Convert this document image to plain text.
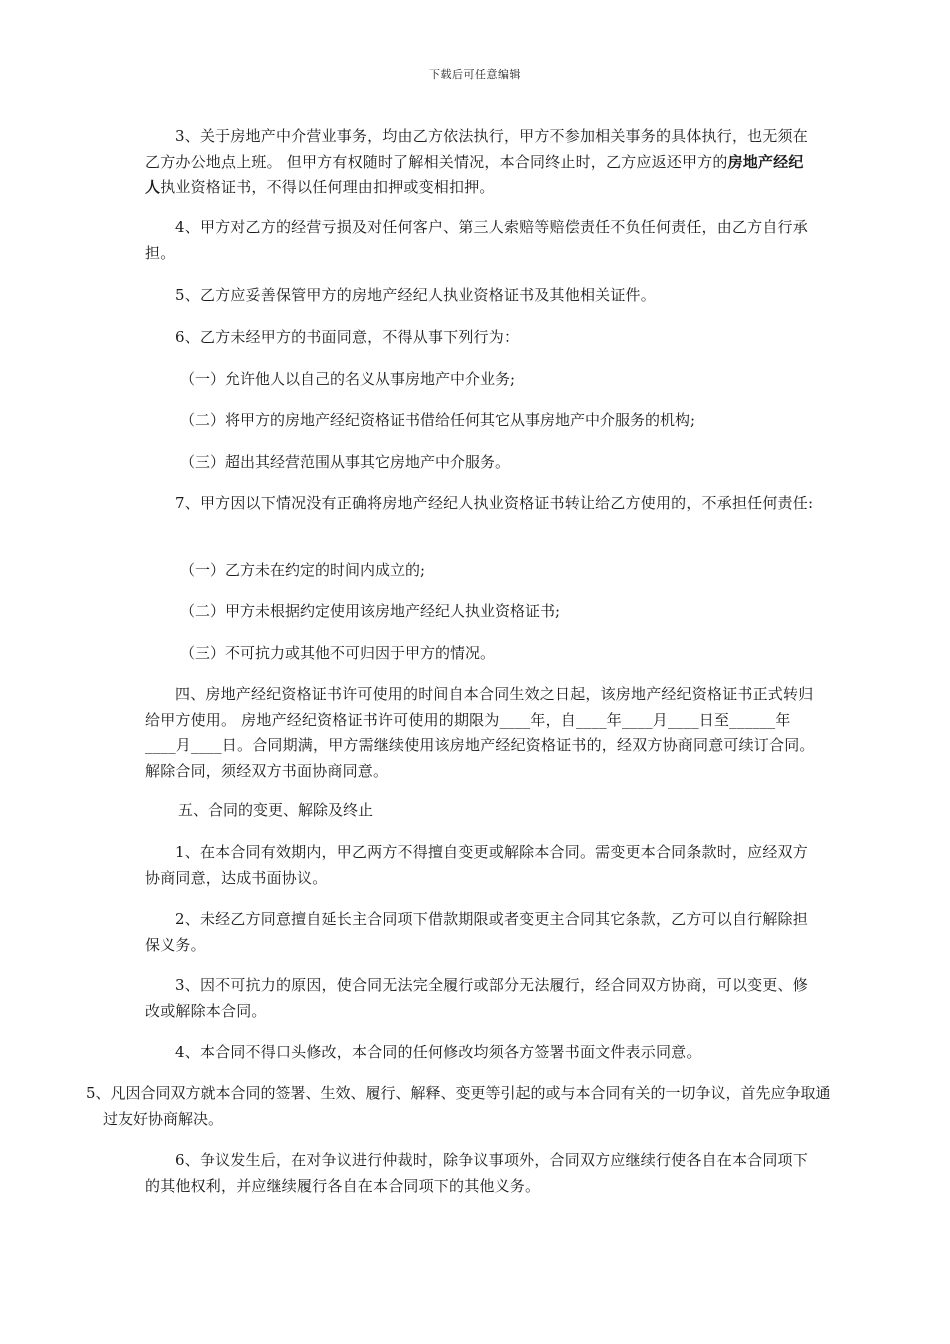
下载后可任意编辑
3、关于房地产中介营业事务，均由乙方依法执行，甲方不参加相关事务的具体执行，也无须在乙方办公地点上班。 但甲方有权随时了解相关情况，本合同终止时，乙方应返还甲方的房地产经纪人执业资格证书，不得以任何理由扣押或变相扣押。
4、甲方对乙方的经营亏损及对任何客户、第三人索赔等赔偿责任不负任何责任，由乙方自行承担。
5、乙方应妥善保管甲方的房地产经纪人执业资格证书及其他相关证件。
6、乙方未经甲方的书面同意，不得从事下列行为：
（一）允许他人以自己的名义从事房地产中介业务;
（二）将甲方的房地产经纪资格证书借给任何其它从事房地产中介服务的机构;
（三）超出其经营范围从事其它房地产中介服务。
7、甲方因以下情况没有正确将房地产经纪人执业资格证书转让给乙方使用的，不承担任何责任:
（一）乙方未在约定的时间内成立的;
（二）甲方未根据约定使用该房地产经纪人执业资格证书;
（三）不可抗力或其他不可归因于甲方的情况。
四、房地产经纪资格证书许可使用的时间自本合同生效之日起，该房地产经纪资格证书正式转归给甲方使用。 房地产经纪资格证书许可使用的期限为____年，自____年____月____日至______年____月____日。合同期满，甲方需继续使用该房地产经纪资格证书的，经双方协商同意可续订合同。解除合同，须经双方书面协商同意。
五、合同的变更、解除及终止
1、在本合同有效期内，甲乙两方不得擅自变更或解除本合同。需变更本合同条款时，应经双方协商同意，达成书面协议。
2、未经乙方同意擅自延长主合同项下借款期限或者变更主合同其它条款，乙方可以自行解除担保义务。
3、因不可抗力的原因，使合同无法完全履行或部分无法履行，经合同双方协商，可以变更、修改或解除本合同。
4、本合同不得口头修改，本合同的任何修改均须各方签署书面文件表示同意。
5、凡因合同双方就本合同的签署、生效、履行、解释、变更等引起的或与本合同有关的一切争议，首先应争取通过友好协商解决。
6、争议发生后，在对争议进行仲裁时，除争议事项外，合同双方应继续行使各自在本合同项下的其他权利，并应继续履行各自在本合同项下的其他义务。
